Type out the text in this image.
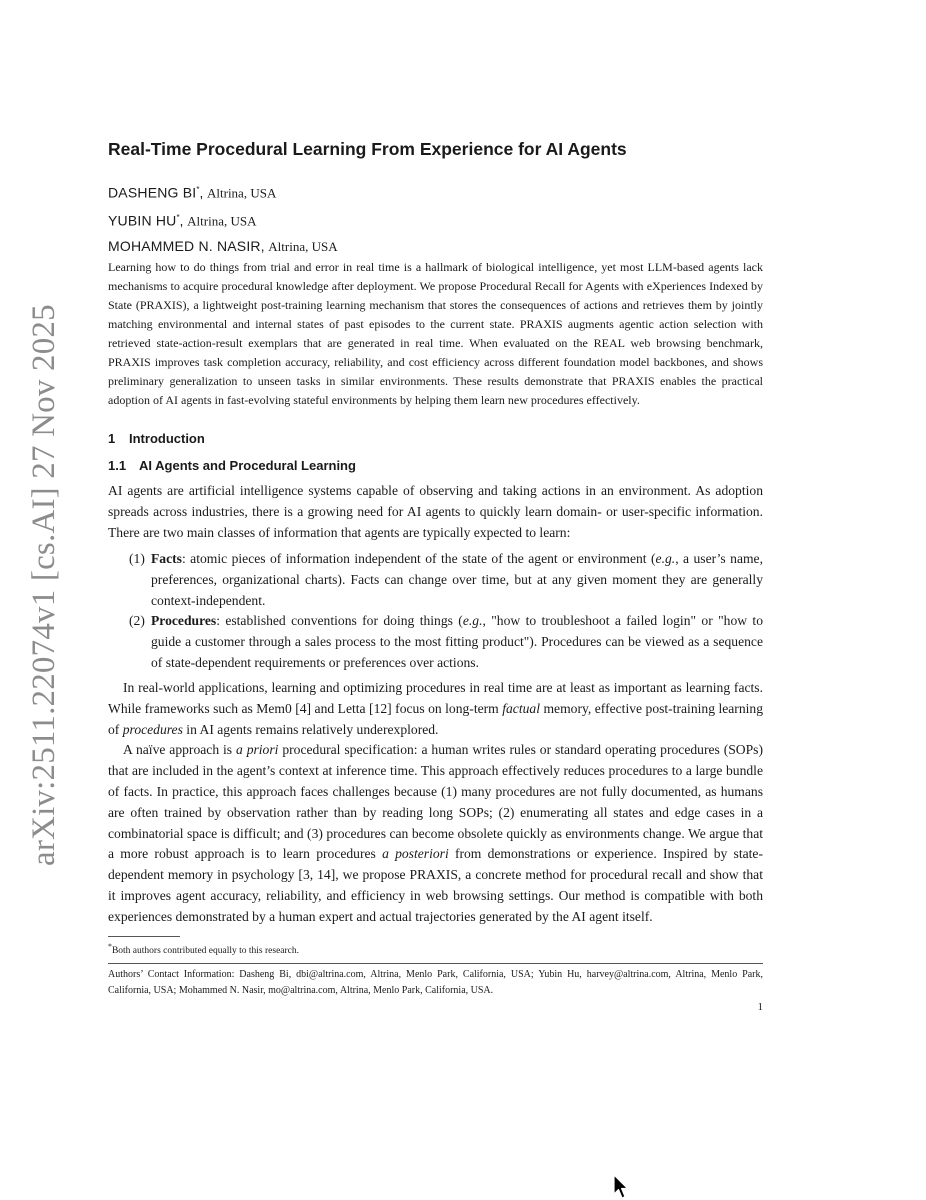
arXiv:2511.22074v1 [cs.AI] 27 Nov 2025
Real-Time Procedural Learning From Experience for AI Agents
DASHENG BI*, Altrina, USA
YUBIN HU*, Altrina, USA
MOHAMMED N. NASIR, Altrina, USA

Learning how to do things from trial and error in real time is a hallmark of biological intelligence, yet most LLM-based agents lack mechanisms to acquire procedural knowledge after deployment. We propose Procedural Recall for Agents with eXperiences Indexed by State (PRAXIS), a lightweight post-training learning mechanism that stores the consequences of actions and retrieves them by jointly matching environmental and internal states of past episodes to the current state. PRAXIS augments agentic action selection with retrieved state-action-result exemplars that are generated in real time. When evaluated on the REAL web browsing benchmark, PRAXIS improves task completion accuracy, reliability, and cost efficiency across different foundation model backbones, and shows preliminary generalization to unseen tasks in similar environments. These results demonstrate that PRAXIS enables the practical adoption of AI agents in fast-evolving stateful environments by helping them learn new procedures effectively.

1 Introduction
1.1 AI Agents and Procedural Learning

AI agents are artificial intelligence systems capable of observing and taking actions in an environment. As adoption spreads across industries, there is a growing need for AI agents to quickly learn domain- or user-specific information. There are two main classes of information that agents are typically expected to learn:

(1) Facts: atomic pieces of information independent of the state of the agent or environment (e.g., a user’s name, preferences, organizational charts). Facts can change over time, but at any given moment they are generally context-independent.

(2) Procedures: established conventions for doing things (e.g., "how to troubleshoot a failed login" or "how to guide a customer through a sales process to the most fitting product"). Procedures can be viewed as a sequence of state-dependent requirements or preferences over actions.

In real-world applications, learning and optimizing procedures in real time are at least as important as learning facts. While frameworks such as Mem0 [4] and Letta [12] focus on long-term factual memory, effective post-training learning of procedures in AI agents remains relatively underexplored.

A naïve approach is a priori procedural specification: a human writes rules or standard operating procedures (SOPs) that are included in the agent’s context at inference time. This approach effectively reduces procedures to a large bundle of facts. In practice, this approach faces challenges because (1) many procedures are not fully documented, as humans are often trained by observation rather than by reading long SOPs; (2) enumerating all states and edge cases in a combinatorial space is difficult; and (3) procedures can become obsolete quickly as environments change. We argue that a more robust approach is to learn procedures a posteriori from demonstrations or experience. Inspired by state-dependent memory in psychology [3, 14], we propose PRAXIS, a concrete method for procedural recall and show that it improves agent accuracy, reliability, and efficiency in web browsing settings. Our method is compatible with both experiences demonstrated by a human expert and actual trajectories generated by the AI agent itself.

*Both authors contributed equally to this research.

Authors’ Contact Information: Dasheng Bi, dbi@altrina.com, Altrina, Menlo Park, California, USA; Yubin Hu, harvey@altrina.com, Altrina, Menlo Park, California, USA; Mohammed N. Nasir, mo@altrina.com, Altrina, Menlo Park, California, USA.

1
